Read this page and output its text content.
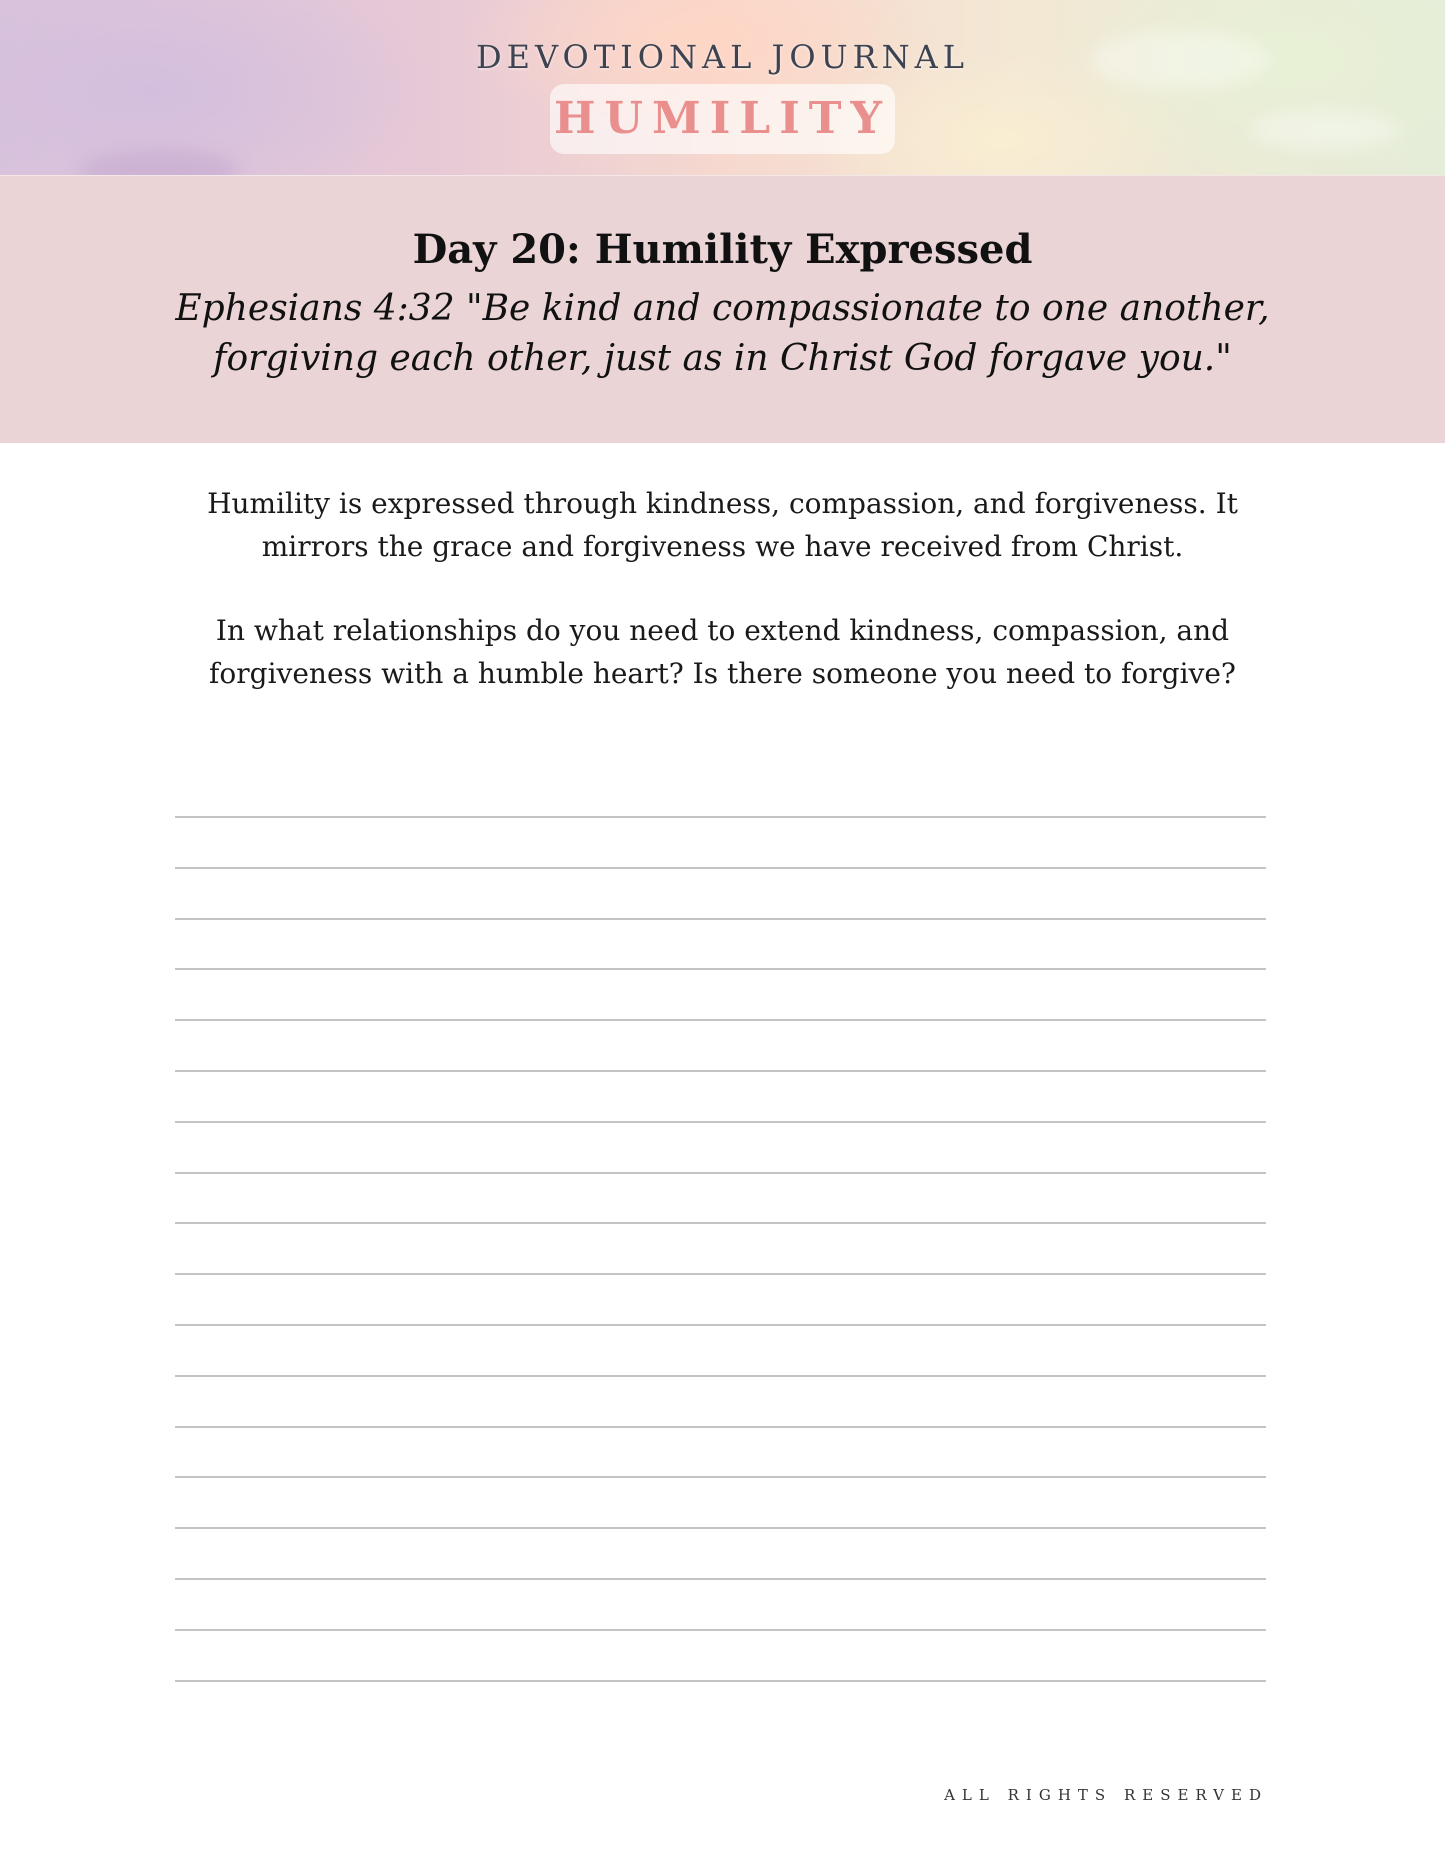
DEVOTIONAL JOURNAL
HUMILITY
Day 20: Humility Expressed
Ephesians 4:32 "Be kind and compassionate to one another, forgiving each other, just as in Christ God forgave you."

Humility is expressed through kindness, compassion, and forgiveness. It mirrors the grace and forgiveness we have received from Christ.

In what relationships do you need to extend kindness, compassion, and forgiveness with a humble heart? Is there someone you need to forgive?

ALL RIGHTS RESERVED
